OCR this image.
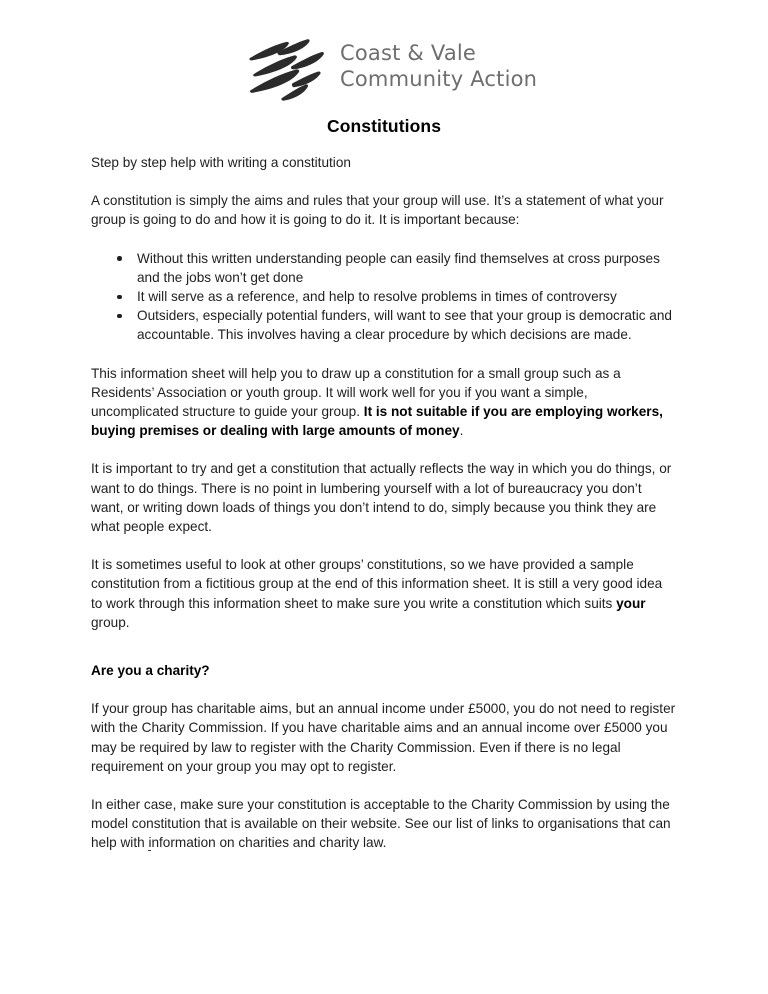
Coast & Vale
Community Action
Constitutions

Step by step help with writing a constitution

A constitution is simply the aims and rules that your group will use. It’s a statement of what your group is going to do and how it is going to do it. It is important because:

Without this written understanding people can easily find themselves at cross purposes and the jobs won’t get done
It will serve as a reference, and help to resolve problems in times of controversy
Outsiders, especially potential funders, will want to see that your group is democratic and accountable. This involves having a clear procedure by which decisions are made.

This information sheet will help you to draw up a constitution for a small group such as a Residents’ Association or youth group. It will work well for you if you want a simple, uncomplicated structure to guide your group. It is not suitable if you are employing workers, buying premises or dealing with large amounts of money.

It is important to try and get a constitution that actually reflects the way in which you do things, or want to do things. There is no point in lumbering yourself with a lot of bureaucracy you don’t want, or writing down loads of things you don’t intend to do, simply because you think they are what people expect.

It is sometimes useful to look at other groups’ constitutions, so we have provided a sample constitution from a fictitious group at the end of this information sheet. It is still a very good idea to work through this information sheet to make sure you write a constitution which suits your group.

Are you a charity?

If your group has charitable aims, but an annual income under £5000, you do not need to register with the Charity Commission. If you have charitable aims and an annual income over £5000 you may be required by law to register with the Charity Commission. Even if there is no legal requirement on your group you may opt to register.

In either case, make sure your constitution is acceptable to the Charity Commission by using the model constitution that is available on their website. See our list of links to organisations that can help with information on charities and charity law.
